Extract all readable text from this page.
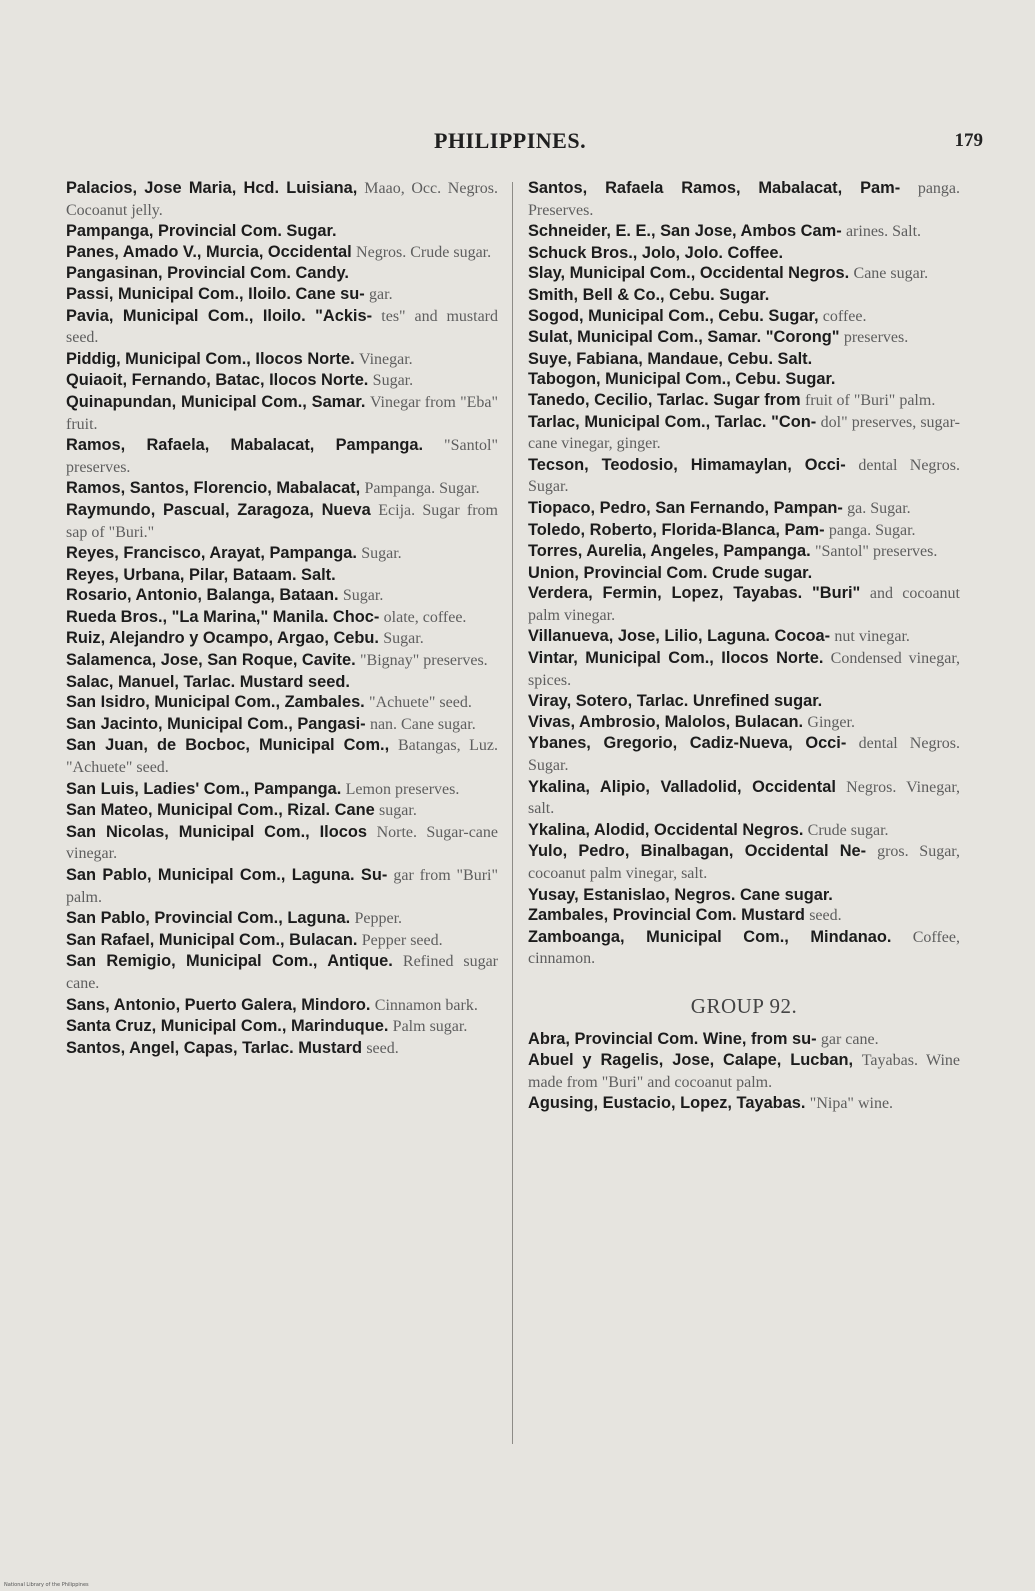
PHILIPPINES.	179
Palacios, Jose Maria, Hcd. Luisiana, Maao, Occ. Negros. Cocoanut jelly.
Pampanga, Provincial Com. Sugar.
Panes, Amado V., Murcia, Occidental Negros. Crude sugar.
Pangasinan, Provincial Com. Candy.
Passi, Municipal Com., Iloilo. Cane su- gar.
Pavia, Municipal Com., Iloilo. "Ackis- tes" and mustard seed.
Piddig, Municipal Com., Ilocos Norte. Vinegar.
Quiaoit, Fernando, Batac, Ilocos Norte. Sugar.
Quinapundan, Municipal Com., Samar. Vinegar from "Eba" fruit.
Ramos, Rafaela, Mabalacat, Pampanga. "Santol" preserves.
Ramos, Santos, Florencio, Mabalacat, Pampanga. Sugar.
Raymundo, Pascual, Zaragoza, Nueva Ecija. Sugar from sap of "Buri."
Reyes, Francisco, Arayat, Pampanga. Sugar.
Reyes, Urbana, Pilar, Bataam. Salt.
Rosario, Antonio, Balanga, Bataan. Sugar.
Rueda Bros., "La Marina," Manila. Choc- olate, coffee.
Ruiz, Alejandro y Ocampo, Argao, Cebu. Sugar.
Salamenca, Jose, San Roque, Cavite. "Bignay" preserves.
Salac, Manuel, Tarlac. Mustard seed.
San Isidro, Municipal Com., Zambales. "Achuete" seed.
San Jacinto, Municipal Com., Pangasi- nan. Cane sugar.
San Juan, de Bocboc, Municipal Com., Batangas, Luz. "Achuete" seed.
San Luis, Ladies' Com., Pampanga. Lemon preserves.
San Mateo, Municipal Com., Rizal. Cane sugar.
San Nicolas, Municipal Com., Ilocos Norte. Sugar-cane vinegar.
San Pablo, Municipal Com., Laguna. Su- gar from "Buri" palm.
San Pablo, Provincial Com., Laguna. Pepper.
San Rafael, Municipal Com., Bulacan. Pepper seed.
San Remigio, Municipal Com., Antique. Refined sugar cane.
Sans, Antonio, Puerto Galera, Mindoro. Cinnamon bark.
Santa Cruz, Municipal Com., Marinduque. Palm sugar.
Santos, Angel, Capas, Tarlac. Mustard seed.
Santos, Rafaela Ramos, Mabalacat, Pam- panga. Preserves.
Schneider, E. E., San Jose, Ambos Cam- arines. Salt.
Schuck Bros., Jolo, Jolo. Coffee.
Slay, Municipal Com., Occidental Negros. Cane sugar.
Smith, Bell & Co., Cebu. Sugar.
Sogod, Municipal Com., Cebu. Sugar, coffee.
Sulat, Municipal Com., Samar. "Corong" preserves.
Suye, Fabiana, Mandaue, Cebu. Salt.
Tabogon, Municipal Com., Cebu. Sugar.
Tanedo, Cecilio, Tarlac. Sugar from fruit of "Buri" palm.
Tarlac, Municipal Com., Tarlac. "Con- dol" preserves, sugar-cane vinegar, ginger.
Tecson, Teodosio, Himamaylan, Occi- dental Negros. Sugar.
Tiopaco, Pedro, San Fernando, Pampan- ga. Sugar.
Toledo, Roberto, Florida-Blanca, Pam- panga. Sugar.
Torres, Aurelia, Angeles, Pampanga. "Santol" preserves.
Union, Provincial Com. Crude sugar.
Verdera, Fermin, Lopez, Tayabas. "Buri" and cocoanut palm vinegar.
Villanueva, Jose, Lilio, Laguna. Cocoa- nut vinegar.
Vintar, Municipal Com., Ilocos Norte. Condensed vinegar, spices.
Viray, Sotero, Tarlac. Unrefined sugar.
Vivas, Ambrosio, Malolos, Bulacan. Ginger.
Ybanes, Gregorio, Cadiz-Nueva, Occi- dental Negros. Sugar.
Ykalina, Alipio, Valladolid, Occidental Negros. Vinegar, salt.
Ykalina, Alodid, Occidental Negros. Crude sugar.
Yulo, Pedro, Binalbagan, Occidental Ne- gros. Sugar, cocoanut palm vinegar, salt.
Yusay, Estanislao, Negros. Cane sugar.
Zambales, Provincial Com. Mustard seed.
Zamboanga, Municipal Com., Mindanao. Coffee, cinnamon.
GROUP 92.
Abra, Provincial Com. Wine, from su- gar cane.
Abuel y Ragelis, Jose, Calape, Lucban, Tayabas. Wine made from "Buri" and cocoanut palm.
Agusing, Eustacio, Lopez, Tayabas. "Nipa" wine.
National Library of the Philippines
